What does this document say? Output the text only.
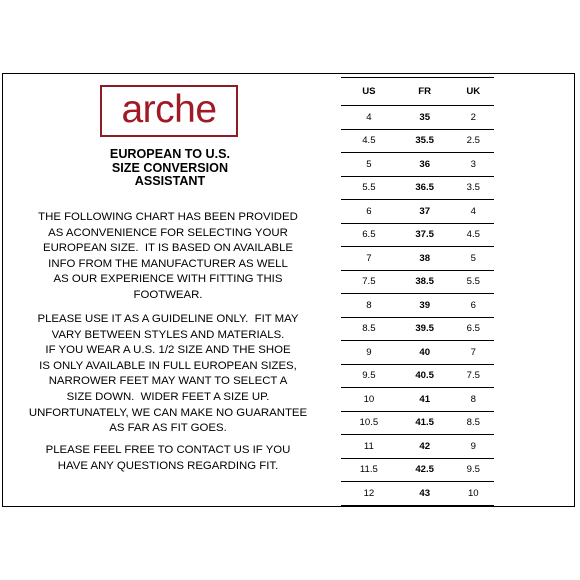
arche
EUROPEAN TO U.S.
SIZE CONVERSION
ASSISTANT
THE FOLLOWING CHART HAS BEEN PROVIDED
AS ACONVENIENCE FOR SELECTING YOUR
EUROPEAN SIZE.  IT IS BASED ON AVAILABLE
INFO FROM THE MANUFACTURER AS WELL
AS OUR EXPERIENCE WITH FITTING THIS
FOOTWEAR.
PLEASE USE IT AS A GUIDELINE ONLY.  FIT MAY
VARY BETWEEN STYLES AND MATERIALS.
IF YOU WEAR A U.S. 1/2 SIZE AND THE SHOE
IS ONLY AVAILABLE IN FULL EUROPEAN SIZES,
NARROWER FEET MAY WANT TO SELECT A
SIZE DOWN.  WIDER FEET A SIZE UP.
UNFORTUNATELY, WE CAN MAKE NO GUARANTEE
AS FAR AS FIT GOES.
PLEASE FEEL FREE TO CONTACT US IF YOU
HAVE ANY QUESTIONS REGARDING FIT.
US	FR	UK
4	35	2
4.5	35.5	2.5
5	36	3
5.5	36.5	3.5
6	37	4
6.5	37.5	4.5
7	38	5
7.5	38.5	5.5
8	39	6
8.5	39.5	6.5
9	40	7
9.5	40.5	7.5
10	41	8
10.5	41.5	8.5
11	42	9
11.5	42.5	9.5
12	43	10
